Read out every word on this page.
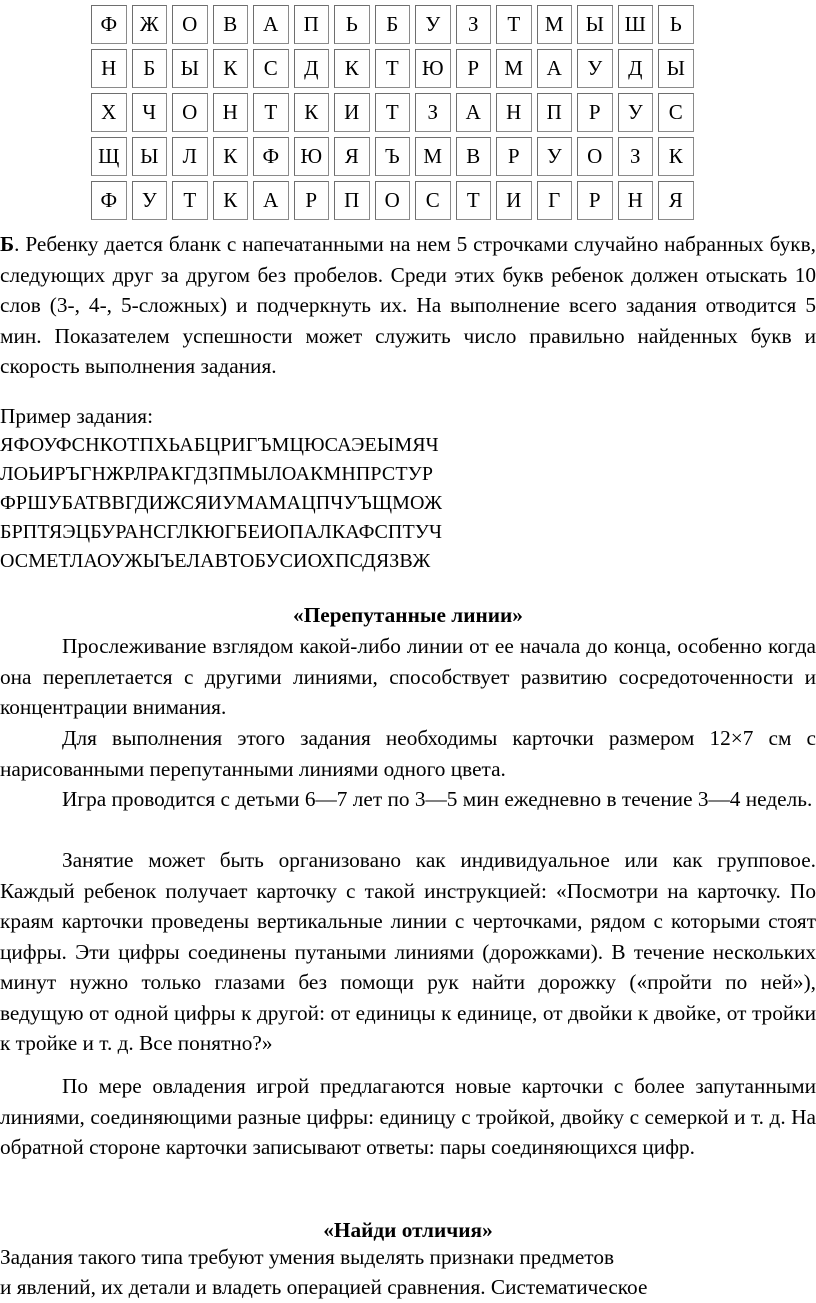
Ф	Ж	О	В	А	П	Ь	Б	У	З	Т	М	Ы	Ш	Ь
Н	Б	Ы	К	С	Д	К	Т	Ю	Р	М	А	У	Д	Ы
Х	Ч	О	Н	Т	К	И	Т	З	А	Н	П	Р	У	С
Щ	Ы	Л	К	Ф	Ю	Я	Ъ	М	В	Р	У	О	З	К
Ф	У	Т	К	А	Р	П	О	С	Т	И	Г	Р	Н	Я

Б. Ребенку дается бланк с напечатанными на нем 5 строчками случайно набранных букв, следующих друг за другом без пробелов. Среди этих букв ребенок должен отыскать 10 слов (3-, 4-, 5-сложных) и подчеркнуть их. На выполнение всего задания отводится 5 мин. Показателем успешности может служить число правильно найденных букв и скорость выполнения задания.

Пример задания:
ЯФОУФСНКОТПХЬАБЦРИГЪМЦЮСАЭЕЫМЯЧ
ЛОЬИРЪГНЖРЛРАКГДЗПМЫЛОАКМНПРСТУР
ФРШУБАТВВГДИЖСЯИУМАМАЦПЧУЪЩМОЖ
БРПТЯЭЦБУРАНСГЛКЮГБЕИОПАЛКАФСПТУЧ
ОСМЕТЛАОУЖЫЪЕЛАВТОБУСИОХПСДЯЗВЖ
«Перепутанные линии»

Прослеживание взглядом какой-либо линии от ее начала до конца, особенно когда она переплетается с другими линиями, способствует развитию сосредоточенности и концентрации внимания.

Для выполнения этого задания необходимы карточки размером 12×7 см с нарисованными перепутанными линиями одного цвета.

Игра проводится с детьми 6—7 лет по 3—5 мин ежедневно в течение 3—4 недель.

Занятие может быть организовано как индивидуальное или как групповое. Каждый ребенок получает карточку с такой инструкцией: «Посмотри на карточку. По краям карточки проведены вертикальные линии с черточками, рядом с которыми стоят цифры. Эти цифры соединены путаными линиями (дорожками). В течение нескольких минут нужно только глазами без помощи рук найти дорожку («пройти по ней»), ведущую от одной цифры к другой: от единицы к единице, от двойки к двойке, от тройки к тройке и т. д. Все понятно?»

По мере овладения игрой предлагаются новые карточки с более запутанными линиями, соединяющими разные цифры: единицу с тройкой, двойку с семеркой и т. д. На обратной стороне карточки записывают ответы: пары соединяющихся цифр.

«Найди отличия»
Задания такого типа требуют умения выделять признаки предметов
и явлений, их детали и владеть операцией сравнения. Систематическое
